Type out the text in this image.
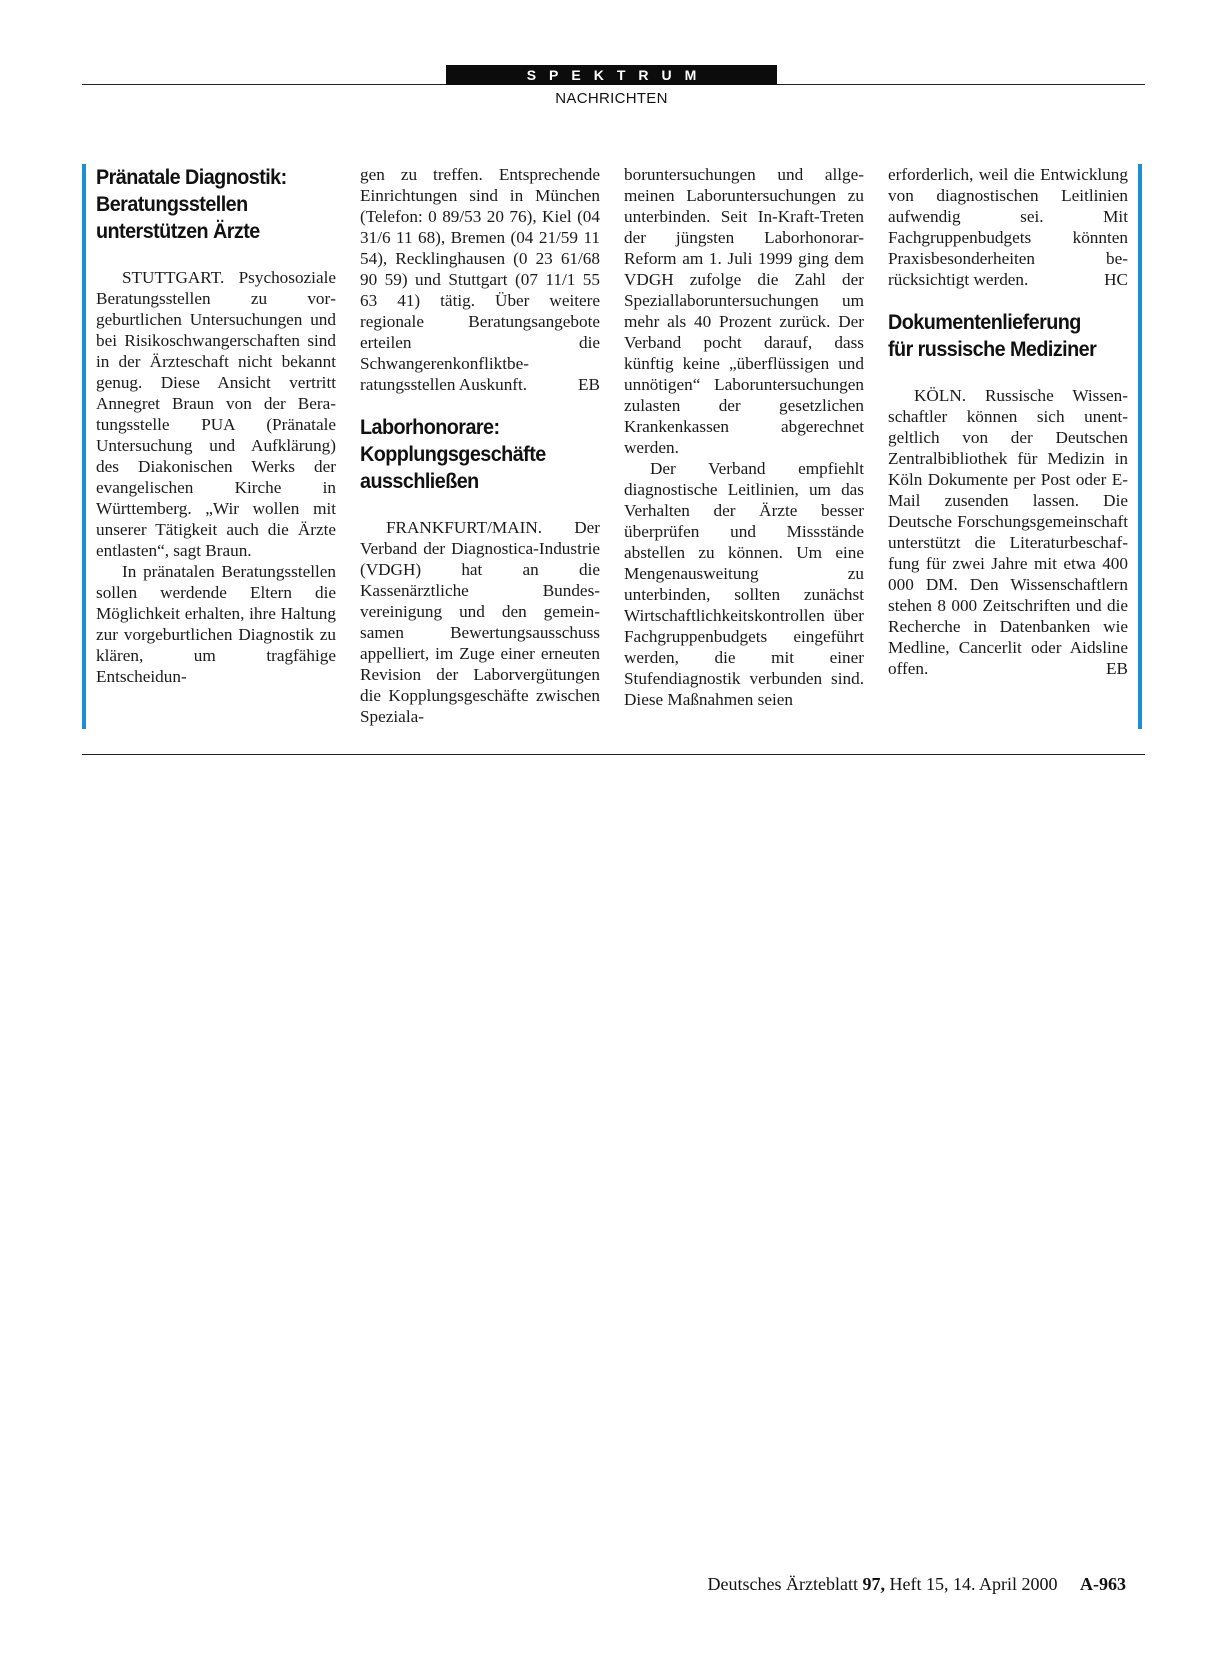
SPEKTRUM
NACHRICHTEN
Pränatale Diagnostik:
Beratungsstellen
unterstützen Ärzte

STUTTGART. Psychosoziale Beratungsstellen zu vorgeburtlichen Untersuchungen und bei Risikoschwangerschaften sind in der Ärzteschaft nicht bekannt genug. Diese Ansicht vertritt Annegret Braun von der Beratungsstelle PUA (Pränatale Untersuchung und Aufklärung) des Diakonischen Werks der evangelischen Kirche in Württemberg. „Wir wollen mit unserer Tätigkeit auch die Ärzte entlasten“, sagt Braun.

In pränatalen Beratungsstellen sollen werdende Eltern die Möglichkeit erhalten, ihre Haltung zur vorgeburtlichen Diagnostik zu klären, um tragfähige Entscheidun-

gen zu treffen. Entsprechende Einrichtungen sind in München (Telefon: 0 89/53 20 76), Kiel (04 31/6 11 68), Bremen (04 21/59 11 54), Recklinghausen (0 23 61/68 90 59) und Stuttgart (07 11/1 55 63 41) tätig. Über weitere regionale Beratungsangebote erteilen die Schwangerenkonfliktberatungsstellen Auskunft.	EB

Laborhonorare:
Kopplungsgeschäfte
ausschließen

FRANKFURT/MAIN. Der Verband der Diagnostica-Industrie (VDGH) hat an die Kassenärztliche Bundesvereinigung und den gemeinsamen Bewertungsausschuss appelliert, im Zuge einer erneuten Revision der Laborvergütungen die Kopplungsgeschäfte zwischen Speziala-

boruntersuchungen und allgemeinen Laboruntersuchungen zu unterbinden. Seit In-Kraft-Treten der jüngsten Laborhonorar-Reform am 1. Juli 1999 ging dem VDGH zufolge die Zahl der Speziallaboruntersuchungen um mehr als 40 Prozent zurück. Der Verband pocht darauf, dass künftig keine „überflüssigen und unnötigen“ Laboruntersuchungen zulasten der gesetzlichen Krankenkassen abgerechnet werden.

Der Verband empfiehlt diagnostische Leitlinien, um das Verhalten der Ärzte besser überprüfen und Missstände abstellen zu können. Um eine Mengenausweitung zu unterbinden, sollten zunächst Wirtschaftlichkeitskontrollen über Fachgruppenbudgets eingeführt werden, die mit einer Stufendiagnostik verbunden sind. Diese Maßnahmen seien

erforderlich, weil die Entwicklung von diagnostischen Leitlinien aufwendig sei. Mit Fachgruppenbudgets könnten Praxisbesonderheiten berücksichtigt werden.	HC

Dokumentenlieferung
für russische Mediziner

KÖLN. Russische Wissenschaftler können sich unentgeltlich von der Deutschen Zentralbibliothek für Medizin in Köln Dokumente per Post oder E-Mail zusenden lassen. Die Deutsche Forschungsgemeinschaft unterstützt die Literaturbeschaffung für zwei Jahre mit etwa 400 000 DM. Den Wissenschaftlern stehen 8 000 Zeitschriften und die Recherche in Datenbanken wie Medline, Cancerlit oder Aidsline offen.	EB

Deutsches Ärzteblatt 97, Heft 15, 14. April 2000 A-963
